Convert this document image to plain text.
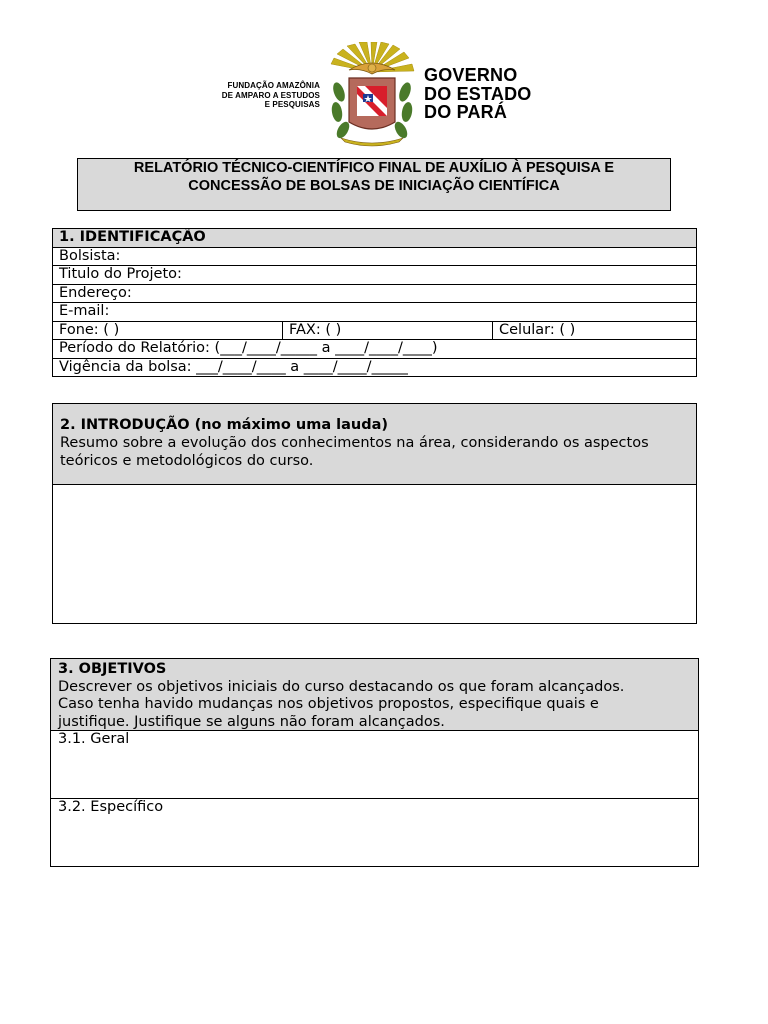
FUNDAÇÃO AMAZÔNIA
DE AMPARO A ESTUDOS
E PESQUISAS
GOVERNO
DO ESTADO
DO PARÁ
RELATÓRIO TÉCNICO-CIENTÍFICO FINAL DE AUXÍLIO À PESQUISA E
CONCESSÃO DE BOLSAS DE INICIAÇÃO CIENTÍFICA
1. IDENTIFICAÇÃO
Bolsista:
Titulo do Projeto:
Endereço:
E-mail:
Fone: ( )	FAX: ( )	Celular: ( )
Período do Relatório: (___/____/_____ a ____/____/____)
Vigência da bolsa: ___/____/____ a ____/____/_____
2. INTRODUÇÃO (no máximo uma lauda)
Resumo sobre a evolução dos conhecimentos na área, considerando os aspectos
teóricos e metodológicos do curso.
3. OBJETIVOS
Descrever os objetivos iniciais do curso destacando os que foram alcançados.
Caso tenha havido mudanças nos objetivos propostos, especifique quais e
justifique. Justifique se alguns não foram alcançados.
3.1. Geral
3.2. Específico
